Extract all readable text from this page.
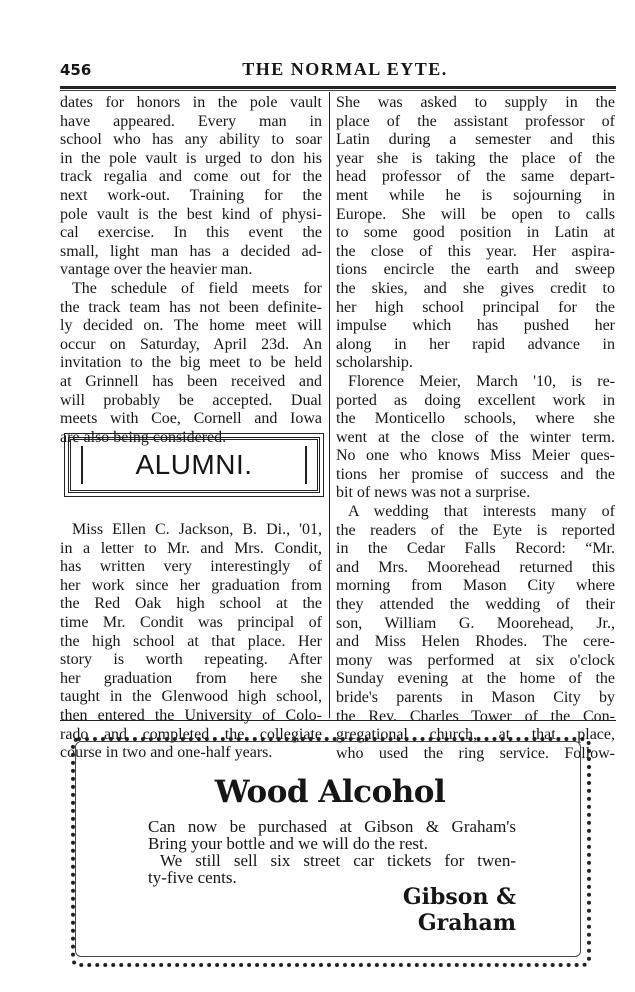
456	THE NORMAL EYTE.
dates for honors in the pole vault
have appeared. Every man in
school who has any ability to soar
in the pole vault is urged to don his
track regalia and come out for the
next work-out. Training for the
pole vault is the best kind of physi-
cal exercise. In this event the
small, light man has a decided ad-
vantage over the heavier man.
The schedule of field meets for
the track team has not been definite-
ly decided on. The home meet will
occur on Saturday, April 23d. An
invitation to the big meet to be held
at Grinnell has been received and
will probably be accepted. Dual
meets with Coe, Cornell and Iowa
are also being considered.
ALUMNI.
Miss Ellen C. Jackson, B. Di., '01,
in a letter to Mr. and Mrs. Condit,
has written very interestingly of
her work since her graduation from
the Red Oak high school at the
time Mr. Condit was principal of
the high school at that place. Her
story is worth repeating. After
her graduation from here she
taught in the Glenwood high school,
then entered the University of Colo-
rado and completed the collegiate
course in two and one-half years.
She was asked to supply in the
place of the assistant professor of
Latin during a semester and this
year she is taking the place of the
head professor of the same depart-
ment while he is sojourning in
Europe. She will be open to calls
to some good position in Latin at
the close of this year. Her aspira-
tions encircle the earth and sweep
the skies, and she gives credit to
her high school principal for the
impulse which has pushed her
along in her rapid advance in
scholarship.
Florence Meier, March '10, is re-
ported as doing excellent work in
the Monticello schools, where she
went at the close of the winter term.
No one who knows Miss Meier ques-
tions her promise of success and the
bit of news was not a surprise.
A wedding that interests many of
the readers of the Eyte is reported
in the Cedar Falls Record: “Mr.
and Mrs. Moorehead returned this
morning from Mason City where
they attended the wedding of their
son, William G. Moorehead, Jr.,
and Miss Helen Rhodes. The cere-
mony was performed at six o'clock
Sunday evening at the home of the
bride's parents in Mason City by
the Rev. Charles Tower of the Con-
gregational church, at that place,
who used the ring service. Follow-
Wood Alcohol
Can now be purchased at Gibson & Graham's
Bring your bottle and we will do the rest.
We still sell six street car tickets for twen-
ty-five cents.
Gibson & Graham
